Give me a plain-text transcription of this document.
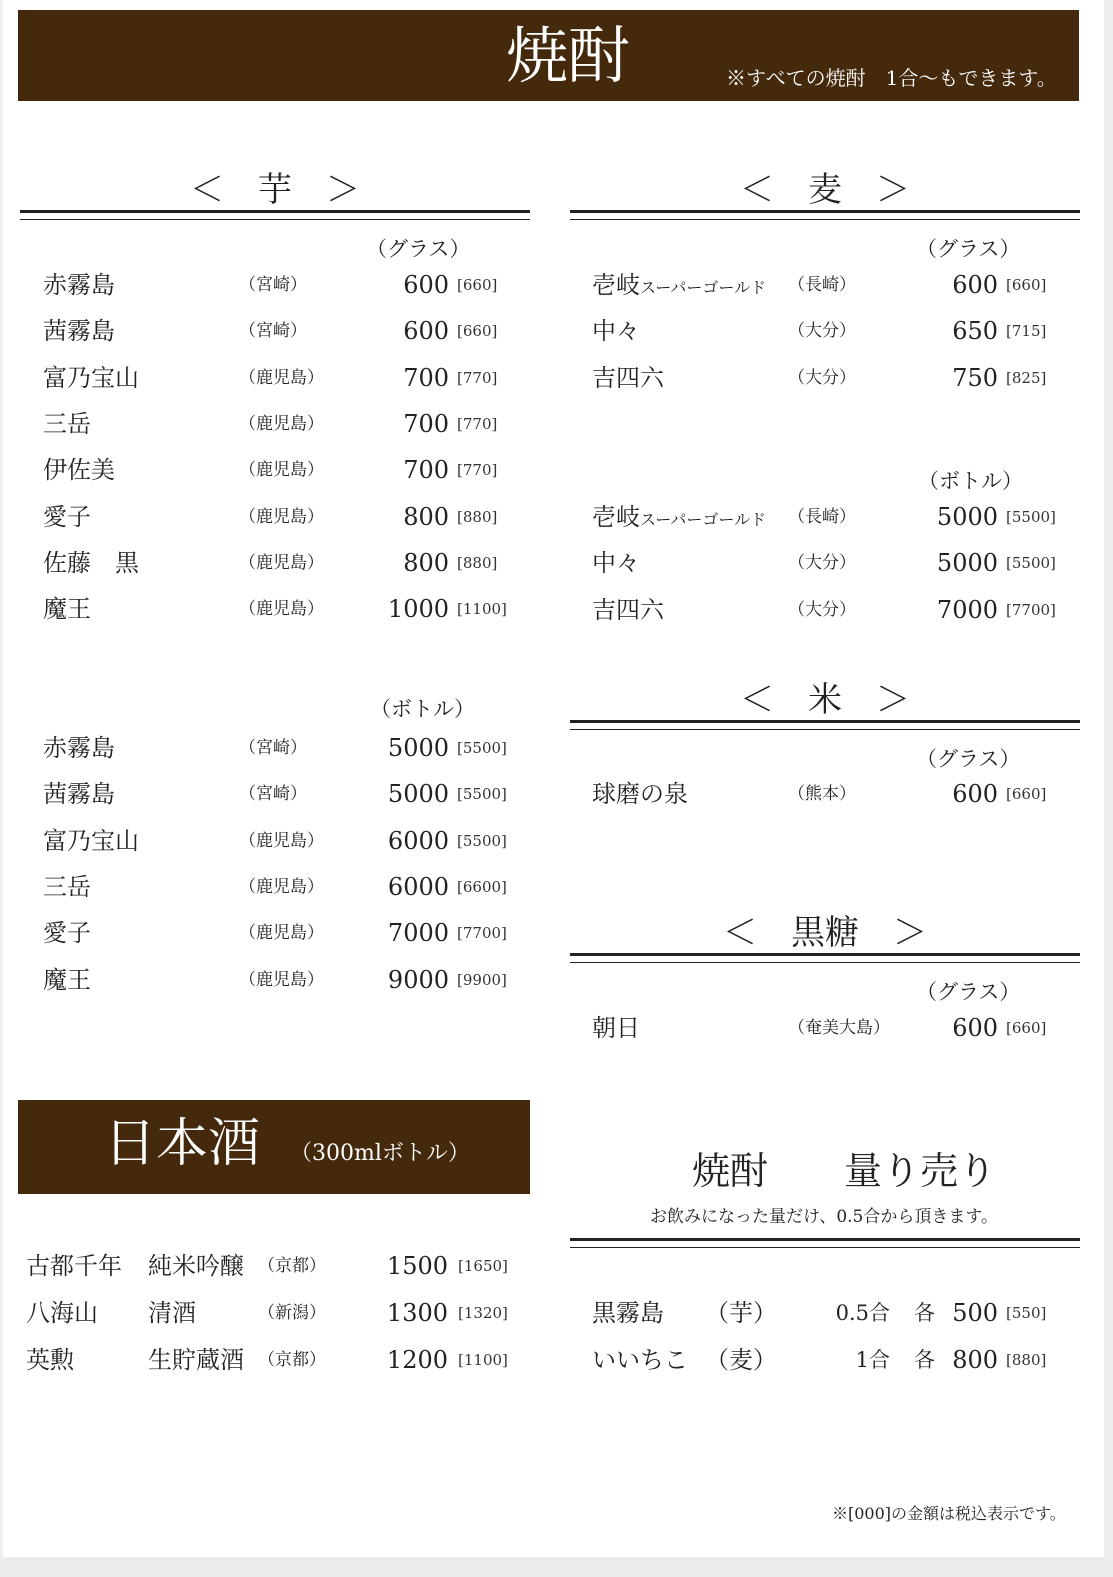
焼酎	※すべての焼酎　1合～もできます。
＜　芋　＞
（グラス）
赤霧島	（宮崎）	600 [660]
茜霧島	（宮崎）	600 [660]
富乃宝山	（鹿児島）	700 [770]
三岳	（鹿児島）	700 [770]
伊佐美	（鹿児島）	700 [770]
愛子	（鹿児島）	800 [880]
佐藤　黒	（鹿児島）	800 [880]
魔王	（鹿児島）	1000 [1100]
（ボトル）
赤霧島	（宮崎）	5000 [5500]
茜霧島	（宮崎）	5000 [5500]
富乃宝山	（鹿児島）	6000 [5500]
三岳	（鹿児島）	6000 [6600]
愛子	（鹿児島）	7000 [7700]
魔王	（鹿児島）	9000 [9900]
＜　麦　＞
（グラス）
壱岐スーパーゴールド （長崎）	600 [660]
中々	（大分）	650 [715]
吉四六	（大分）	750 [825]
（ボトル）
壱岐スーパーゴールド （長崎）	5000 [5500]
中々	（大分）	5000 [5500]
吉四六	（大分）	7000 [7700]
＜　米　＞
（グラス）
球磨の泉	（熊本）	600 [660]
＜　黒糖　＞
（グラス）
朝日	（奄美大島）	600 [660]
日本酒 （300mlボトル）
古都千年 純米吟醸 （京都）	1500 [1650]
八海山 清酒	（新潟）	1300 [1320]
英勲	生貯蔵酒 （京都）	1200 [1100]
焼酎　　量り売り
お飲みになった量だけ、0.5合から頂きます。
黒霧島 （芋）	0.5合 各 500 [550]
いいちこ （麦）	1合 各 800 [880]
※[000]の金額は税込表示です。
